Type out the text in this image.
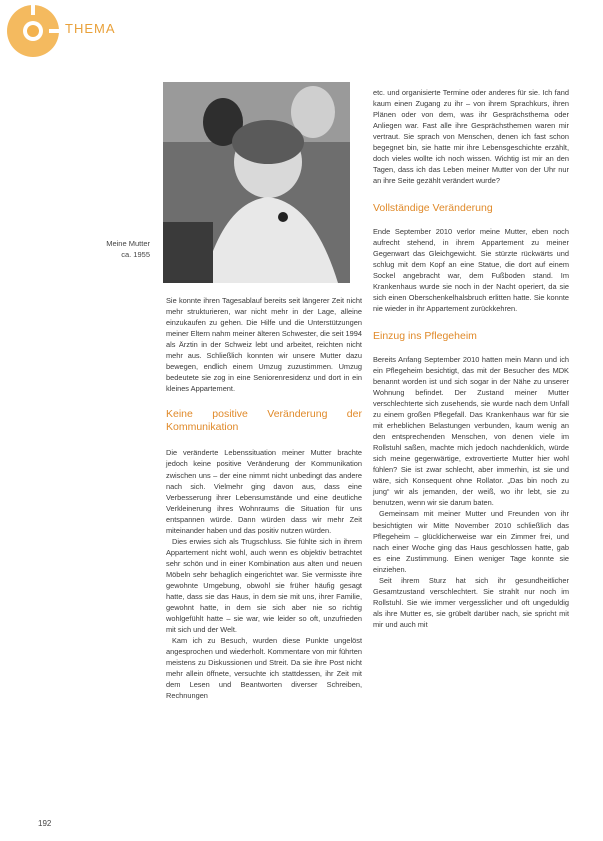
THEMA
Meine Mutter
ca. 1955

Sie konnte ihren Tagesablauf bereits seit längerer Zeit nicht mehr strukturieren, war nicht mehr in der Lage, alleine einzukaufen zu gehen. Die Hilfe und die Unterstützungen meiner Eltern nahm meiner älteren Schwester, die seit 1994 als Ärztin in der Schweiz lebt und arbeitet, reichten nicht mehr aus. Schließlich konnten wir unsere Mutter dazu bewegen, endlich einem Umzug zuzustimmen. Umzug bedeutete sie zog in eine Seniorenresidenz und dort in ein kleines Appartement.

Keine positive Veränderung der Kommunikation

Die veränderte Lebenssituation meiner Mutter brachte jedoch keine positive Veränderung der Kommunikation zwischen uns – der eine nimmt nicht unbedingt das andere nach sich. Vielmehr ging davon aus, dass eine Verbesserung ihrer Lebensumstände und eine deutliche Verkleinerung ihres Wohnraums die Situation für uns entspannen würde. Dann würden dass wir mehr Zeit miteinander haben und das positiv nutzen würden.

Dies erwies sich als Trugschluss. Sie fühlte sich in ihrem Appartement nicht wohl, auch wenn es objektiv betrachtet sehr schön und in einer Kombination aus alten und neuen Möbeln sehr behaglich eingerichtet war. Sie vermisste ihre gewohnte Umgebung, obwohl sie früher häufig gesagt hatte, dass sie das Haus, in dem sie mit uns, ihrer Familie, gewohnt hatte, in dem sie sich aber nie so richtig wohlgefühlt hatte – sie war, wie leider so oft, unzufrieden mit sich und der Welt.

Kam ich zu Besuch, wurden diese Punkte ungelöst angesprochen und wiederholt. Kommentare von mir führten meistens zu Diskussionen und Streit. Da sie ihre Post nicht mehr allein öffnete, versuchte ich stattdessen, ihr Zeit mit dem Lesen und Beantworten diverser Schreiben, Rechnungen

etc. und organisierte Termine oder anderes für sie. Ich fand kaum einen Zugang zu ihr – von ihrem Sprachkurs, ihren Plänen oder von dem, was ihr Gesprächsthema oder Anliegen war. Fast alle ihre Gesprächsthemen waren mir vertraut. Sie sprach von Menschen, denen ich fast schon begegnet bin, sie hatte mir ihre Lebensgeschichte erzählt, doch vieles wollte ich noch wissen. Wichtig ist mir an den Tagen, dass ich das Leben meiner Mutter von der Uhr nur an ihre Seite gezählt verändert wurde?

Vollständige Veränderung

Ende September 2010 verlor meine Mutter, eben noch aufrecht stehend, in ihrem Appartement zu meiner Gegenwart das Gleichgewicht. Sie stürzte rückwärts und schlug mit dem Kopf an eine Statue, die dort auf einem Sockel angebracht war, dem Fußboden stand. Im Krankenhaus wurde sie noch in der Nacht operiert, da sie sich einen Oberschenkelhalsbruch erlitten hatte. Sie konnte nie wieder in ihr Appartement zurückkehren.

Einzug ins Pflegeheim

Bereits Anfang September 2010 hatten mein Mann und ich ein Pflegeheim besichtigt, das mit der Besucher des MDK benannt worden ist und sich sogar in der Nähe zu unserer Wohnung befindet. Der Zustand meiner Mutter verschlechterte sich zusehends, sie wurde nach dem Unfall zu einem großen Pflegefall. Das Krankenhaus war für sie mit erheblichen Belastungen verbunden, kaum wenig an den entsprechenden Menschen, von denen viele im Rollstuhl saßen, machte mich jedoch nachdenklich, würde sich meine gegenwärtige, extrovertierte Mutter hier wohl fühlen? Sie ist zwar schlecht, aber immerhin, ist sie und wäre, sich Konsequent ohne Rollator. „Das bin noch zu jung“ wir als jemanden, der weiß, wo ihr lebt, sie zu benutzen, wenn wir sie darum baten.

Gemeinsam mit meiner Mutter und Freunden von ihr besichtigten wir Mitte November 2010 schließlich das Pflegeheim – glücklicherweise war ein Zimmer frei, und nach einer Woche ging das Haus geschlossen hatte, gab es eine Zustimmung. Einen weniger Tage konnte sie einziehen.

Seit ihrem Sturz hat sich ihr gesundheitlicher Gesamtzustand verschlechtert. Sie strahlt nur noch im Rollstuhl. Sie wie immer vergesslicher und oft ungeduldig als ihre Mutter es, sie grübelt darüber nach, sie spricht mit mir und auch mit

192
